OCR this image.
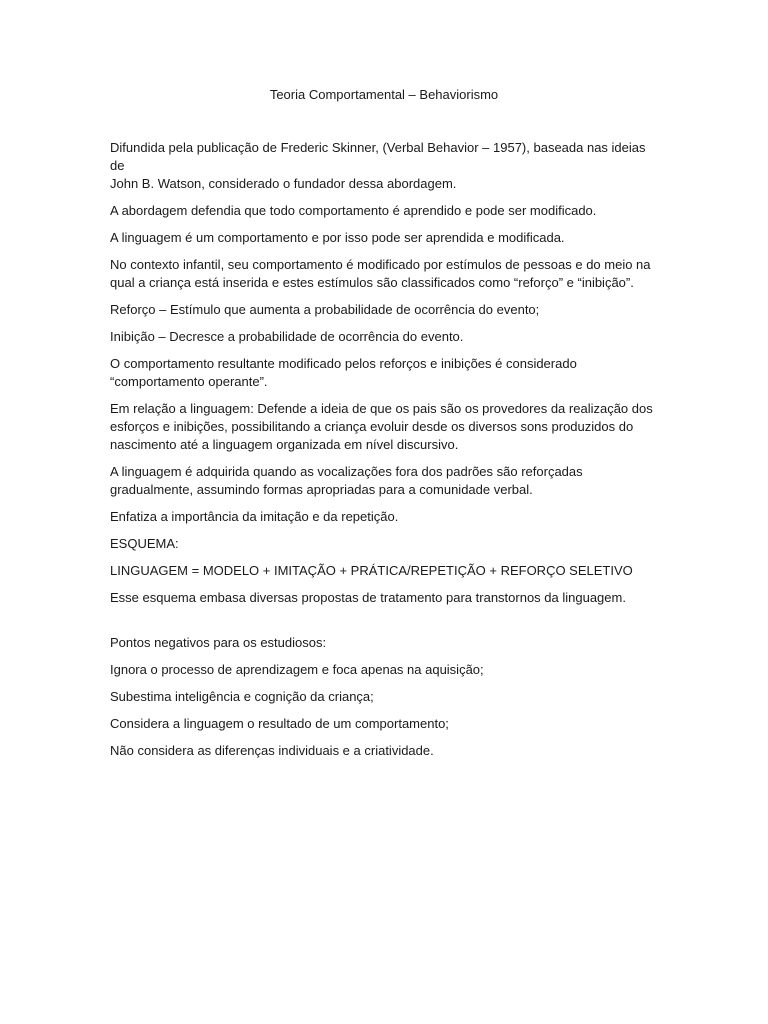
Teoria Comportamental – Behaviorismo

Difundida pela publicação de Frederic Skinner, (Verbal Behavior – 1957), baseada nas ideias de
John B. Watson, considerado o fundador dessa abordagem.

A abordagem defendia que todo comportamento é aprendido e pode ser modificado.

A linguagem é um comportamento e por isso pode ser aprendida e modificada.

No contexto infantil, seu comportamento é modificado por estímulos de pessoas e do meio na
qual a criança está inserida e estes estímulos são classificados como “reforço” e “inibição”.

Reforço – Estímulo que aumenta a probabilidade de ocorrência do evento;

Inibição – Decresce a probabilidade de ocorrência do evento.

O comportamento resultante modificado pelos reforços e inibições é considerado
“comportamento operante”.

Em relação a linguagem: Defende a ideia de que os pais são os provedores da realização dos
esforços e inibições, possibilitando a criança evoluir desde os diversos sons produzidos do
nascimento até a linguagem organizada em nível discursivo.

A linguagem é adquirida quando as vocalizações fora dos padrões são reforçadas
gradualmente, assumindo formas apropriadas para a comunidade verbal.

Enfatiza a importância da imitação e da repetição.

ESQUEMA:

LINGUAGEM = MODELO + IMITAÇÃO + PRÁTICA/REPETIÇÃO + REFORÇO SELETIVO

Esse esquema embasa diversas propostas de tratamento para transtornos da linguagem.

Pontos negativos para os estudiosos:

Ignora o processo de aprendizagem e foca apenas na aquisição;

Subestima inteligência e cognição da criança;

Considera a linguagem o resultado de um comportamento;

Não considera as diferenças individuais e a criatividade.
